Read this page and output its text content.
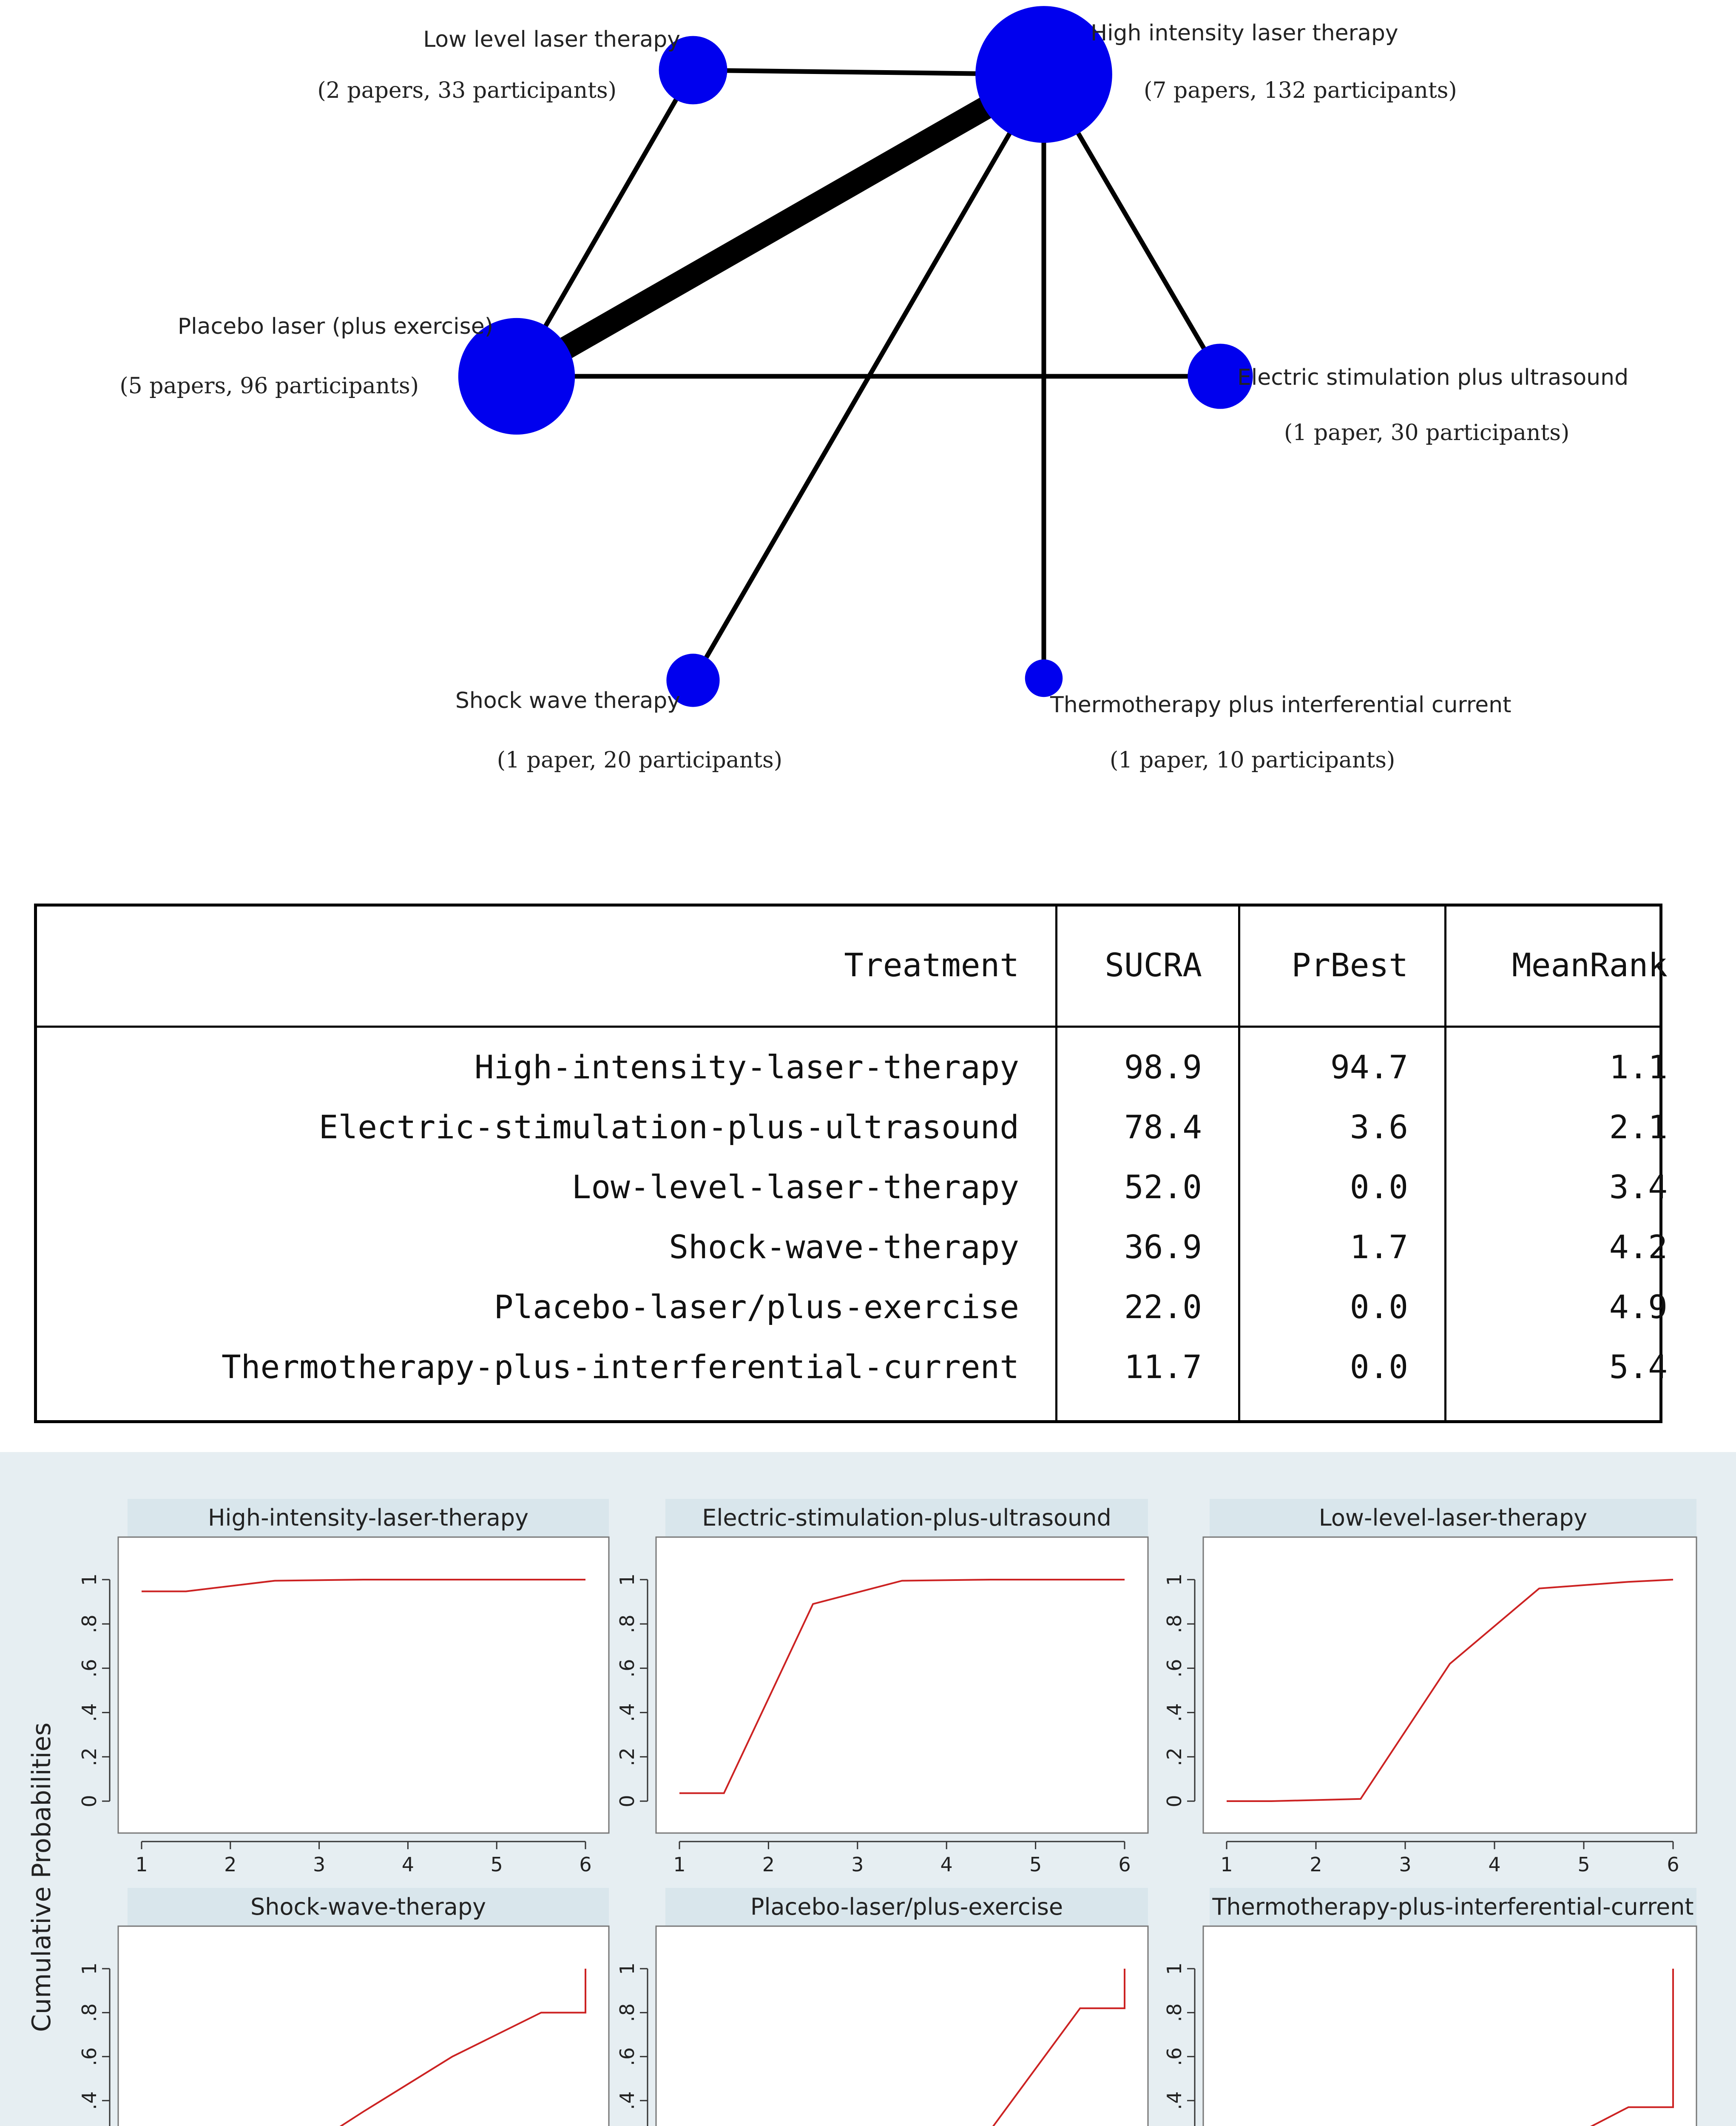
High intensity laser therapy
(7 papers, 132 participants)
Low level laser therapy
(2 papers, 33 participants)
Placebo laser (plus exercise)
(5 papers, 96 participants)	Electric stimulation plus ultrasound
(1 paper, 30 participants)
Shock wave therapy
(1 paper, 20 participants)
Thermotherapy plus interferential current
(1 paper, 10 participants)
Treatment	SUCRA	PrBest	MeanRank
High-intensity-laser-therapy	98.9	94.7	1.1
Electric-stimulation-plus-ultrasound	78.4	3.6	2.1
Low-level-laser-therapy	52.0	0.0	3.4
Shock-wave-therapy	36.9	1.7	4.2
Placebo-laser/plus-exercise	22.0	0.0	4.9
Thermotherapy-plus-interferential-current	11.7	0.0	5.4
High-intensity-laser-therapy
0
.2
.4
.6
.8
1
1	2	3	4	5	6
Electric-stimulation-plus-ultrasound
0
.2
.4
.6
.8
1
1	2	3	4	5	6
Low-level-laser-therapy
0
.2
.4
.6
.8
1
1	2	3	4	5	6
Shock-wave-therapy
.4
.6
.8
1
Placebo-laser/plus-exercise
.4
.6
.8
1
Thermotherapy-plus-interferential-current
.4
.6
.8
1
Cumulative Probabilities
